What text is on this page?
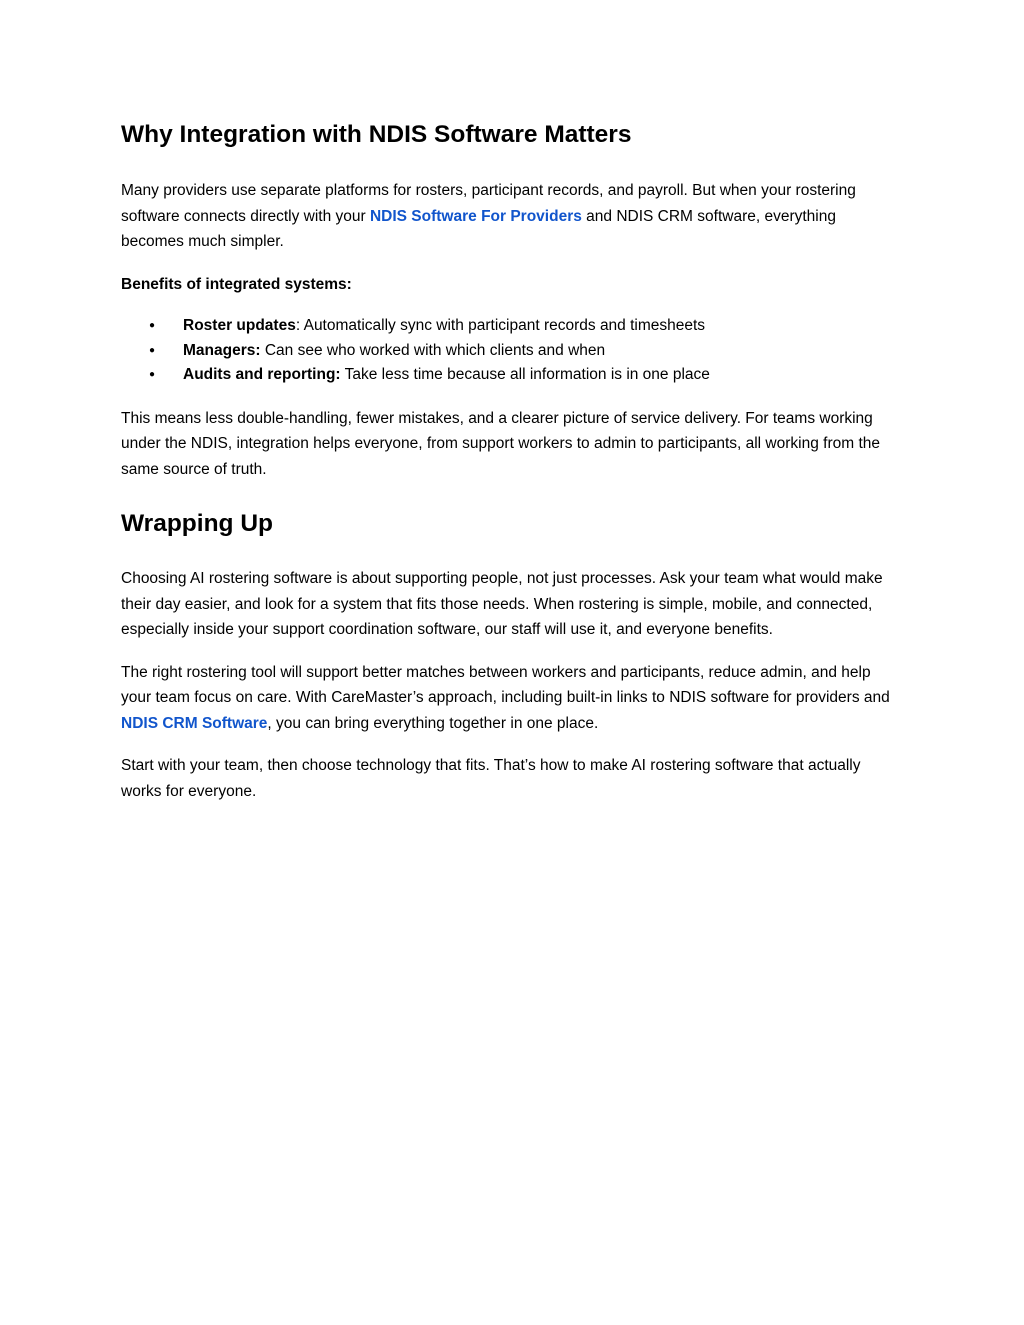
Why Integration with NDIS Software Matters

Many providers use separate platforms for rosters, participant records, and payroll. But when your rostering software connects directly with your NDIS Software For Providers and NDIS CRM software, everything becomes much simpler.

Benefits of integrated systems:

● Roster updates: Automatically sync with participant records and timesheets
● Managers: Can see who worked with which clients and when
● Audits and reporting: Take less time because all information is in one place

This means less double-handling, fewer mistakes, and a clearer picture of service delivery. For teams working under the NDIS, integration helps everyone, from support workers to admin to participants, all working from the same source of truth.

Wrapping Up

Choosing AI rostering software is about supporting people, not just processes. Ask your team what would make their day easier, and look for a system that fits those needs. When rostering is simple, mobile, and connected, especially inside your support coordination software, our staff will use it, and everyone benefits.

The right rostering tool will support better matches between workers and participants, reduce admin, and help your team focus on care. With CareMaster’s approach, including built-in links to NDIS software for providers and NDIS CRM Software, you can bring everything together in one place.

Start with your team, then choose technology that fits. That’s how to make AI rostering software that actually works for everyone.
